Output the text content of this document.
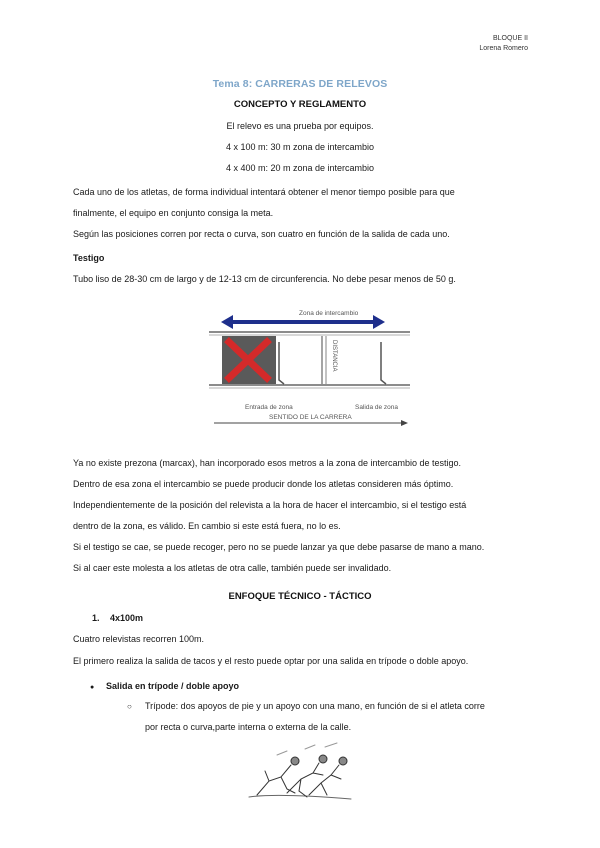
BLOQUE II
Lorena Romero
Tema 8: CARRERAS DE RELEVOS
CONCEPTO Y REGLAMENTO
El relevo es una prueba por equipos.
4 x 100 m: 30 m zona de intercambio
4 x 400 m: 20 m zona de intercambio
Cada uno de los atletas, de forma individual intentará obtener el menor tiempo posible para que
finalmente, el equipo en conjunto consiga la meta.
Según las posiciones corren por recta o curva, son cuatro en función de la salida de cada uno.
Testigo
Tubo liso de 28-30 cm de largo y de 12-13 cm de circunferencia. No debe pesar menos de 50 g.
Zona de intercambio
DISTANCIA
Entrada de zona	Salida de zona
SENTIDO DE LA CARRERA
Ya no existe prezona (marcax), han incorporado esos metros a la zona de intercambio de testigo.
Dentro de esa zona el intercambio se puede producir donde los atletas consideren más óptimo.
Independientemente de la posición del relevista a la hora de hacer el intercambio, si el testigo está
dentro de la zona, es válido. En cambio si este está fuera, no lo es.
Si el testigo se cae, se puede recoger, pero no se puede lanzar ya que debe pasarse de mano a mano.
Si al caer este molesta a los atletas de otra calle, también puede ser invalidado.
ENFOQUE TÉCNICO - TÁCTICO
1. 4x100m
Cuatro relevistas recorren 100m.
El primero realiza la salida de tacos y el resto puede optar por una salida en trípode o doble apoyo.
● Salida en trípode / doble apoyo
○ Trípode: dos apoyos de pie y un apoyo con una mano, en función de si el atleta corre
por recta o curva,parte interna o externa de la calle.
